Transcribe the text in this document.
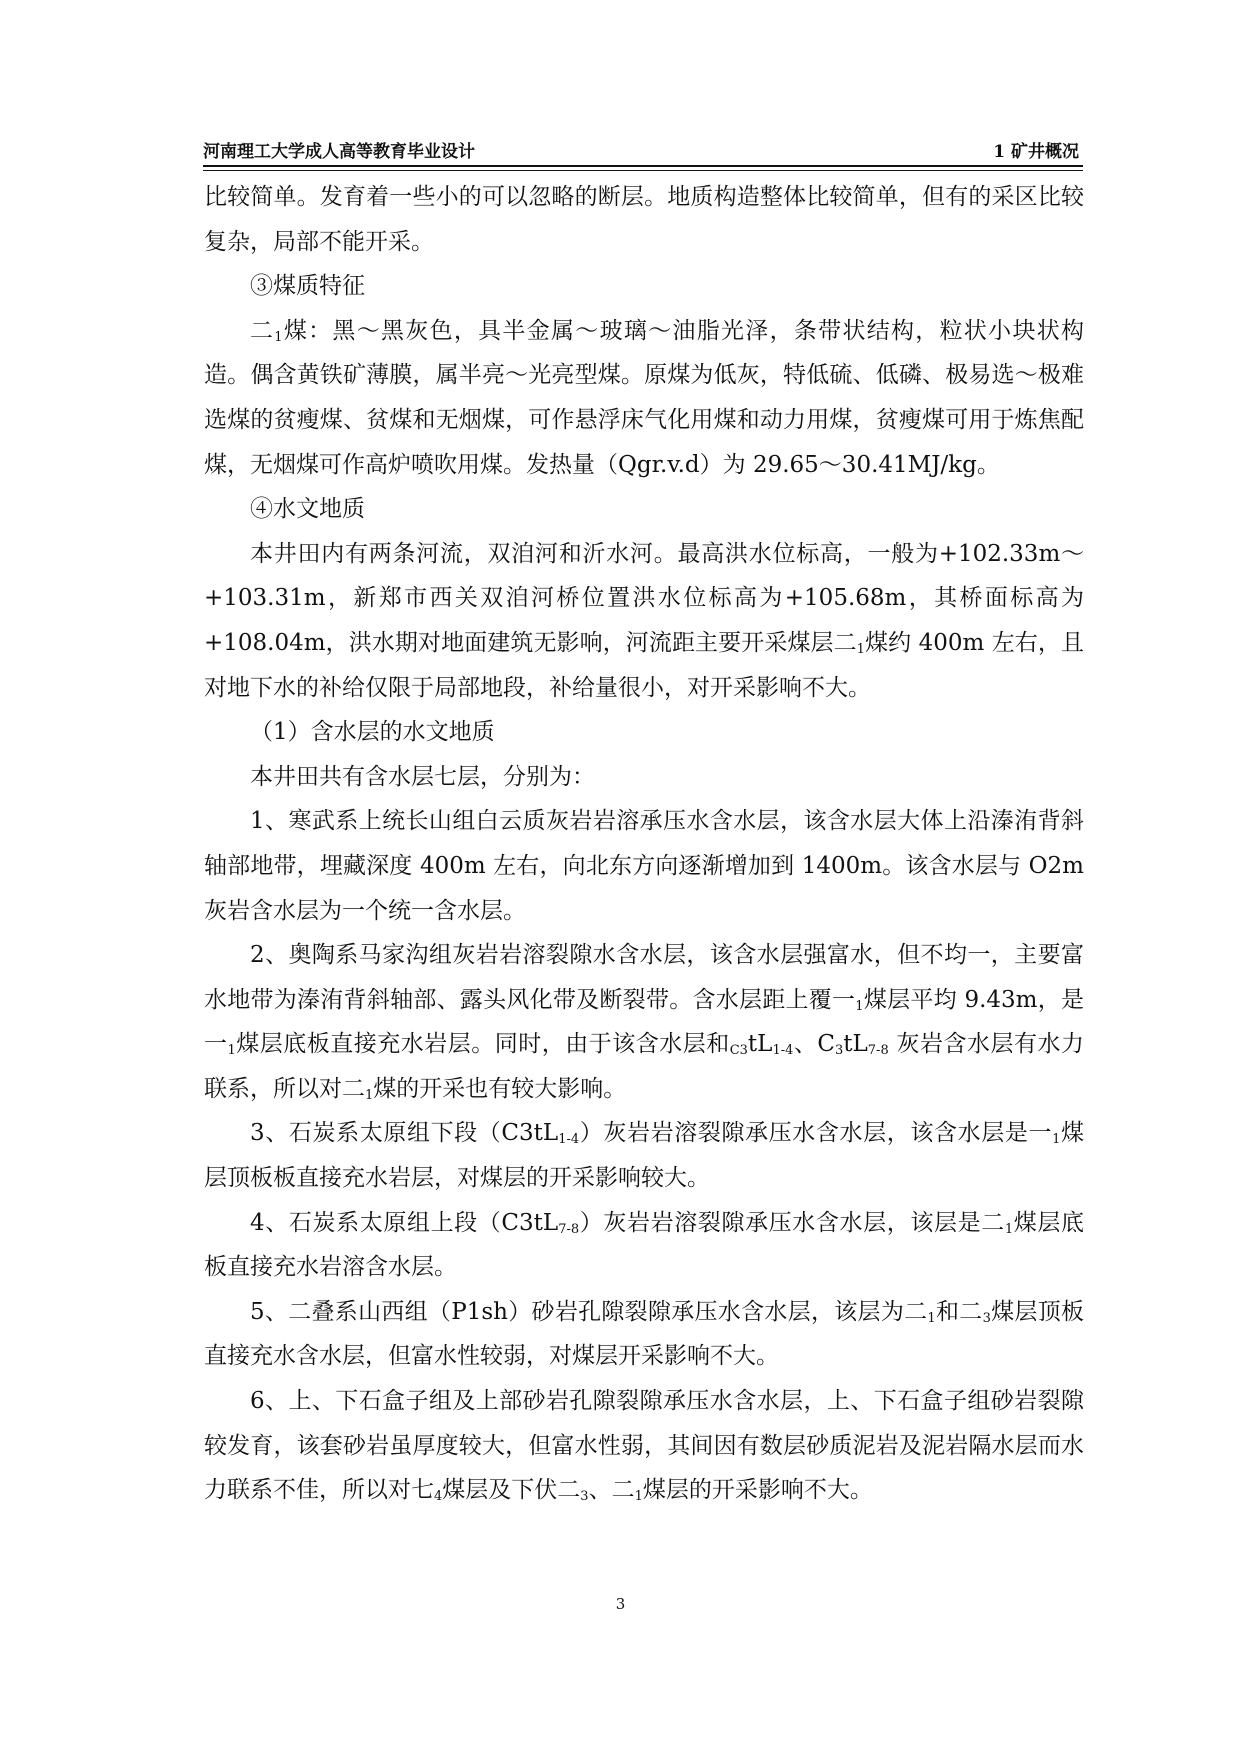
河南理工大学成人高等教育毕业设计	1 矿井概况

比较简单。发育着一些小的可以忽略的断层。地质构造整体比较简单，但有的采区比较复杂，局部不能开采。

③煤质特征

二$_1$煤：黑～黑灰色，具半金属～玻璃～油脂光泽，条带状结构，粒状小块状构造。偶含黄铁矿薄膜，属半亮～光亮型煤。原煤为低灰，特低硫、低磷、极易选～极难选煤的贫瘦煤、贫煤和无烟煤，可作悬浮床气化用煤和动力用煤，贫瘦煤可用于炼焦配煤，无烟煤可作高炉喷吹用煤。发热量（Qgr.v.d）为 29.65～30.41MJ/kg。

④水文地质

本井田内有两条河流，双洎河和沂水河。最高洪水位标高，一般为+102.33m～+103.31m，新郑市西关双洎河桥位置洪水位标高为+105.68m，其桥面标高为+108.04m，洪水期对地面建筑无影响，河流距主要开采煤层二$_1$煤约 400m 左右，且对地下水的补给仅限于局部地段，补给量很小，对开采影响不大。

（1）含水层的水文地质

本井田共有含水层七层，分别为：

1、寒武系上统长山组白云质灰岩岩溶承压水含水层，该含水层大体上沿溱洧背斜轴部地带，埋藏深度 400m 左右，向北东方向逐渐增加到 1400m。该含水层与 O2m 灰岩含水层为一个统一含水层。

2、奥陶系马家沟组灰岩岩溶裂隙水含水层，该含水层强富水，但不均一，主要富水地带为溱洧背斜轴部、露头风化带及断裂带。含水层距上覆一$_1$煤层平均 9.43m，是一$_1$煤层底板直接充水岩层。同时，由于该含水层和$_{C3}tL_{1-4}$、$C_3tL_{7-8}$ 灰岩含水层有水力联系，所以对二$_1$煤的开采也有较大影响。

3、石炭系太原组下段$(C3tL_{1-4})$灰岩岩溶裂隙承压水含水层，该含水层是一$_1$煤层顶板板直接充水岩层，对煤层的开采影响较大。

4、石炭系太原组上段$(C3tL_{7-8})$灰岩岩溶裂隙承压水含水层，该层是二$_1$煤层底板直接充水岩溶含水层。

5、二叠系山西组（P1sh）砂岩孔隙裂隙承压水含水层，该层为二$_1$和二$_3$煤层顶板直接充水含水层，但富水性较弱，对煤层开采影响不大。

6、上、下石盒子组及上部砂岩孔隙裂隙承压水含水层，上、下石盒子组砂岩裂隙较发育，该套砂岩虽厚度较大，但富水性弱，其间因有数层砂质泥岩及泥岩隔水层而水力联系不佳，所以对七$_4$煤层及下伏二$_3$、二$_1$煤层的开采影响不大。

3
